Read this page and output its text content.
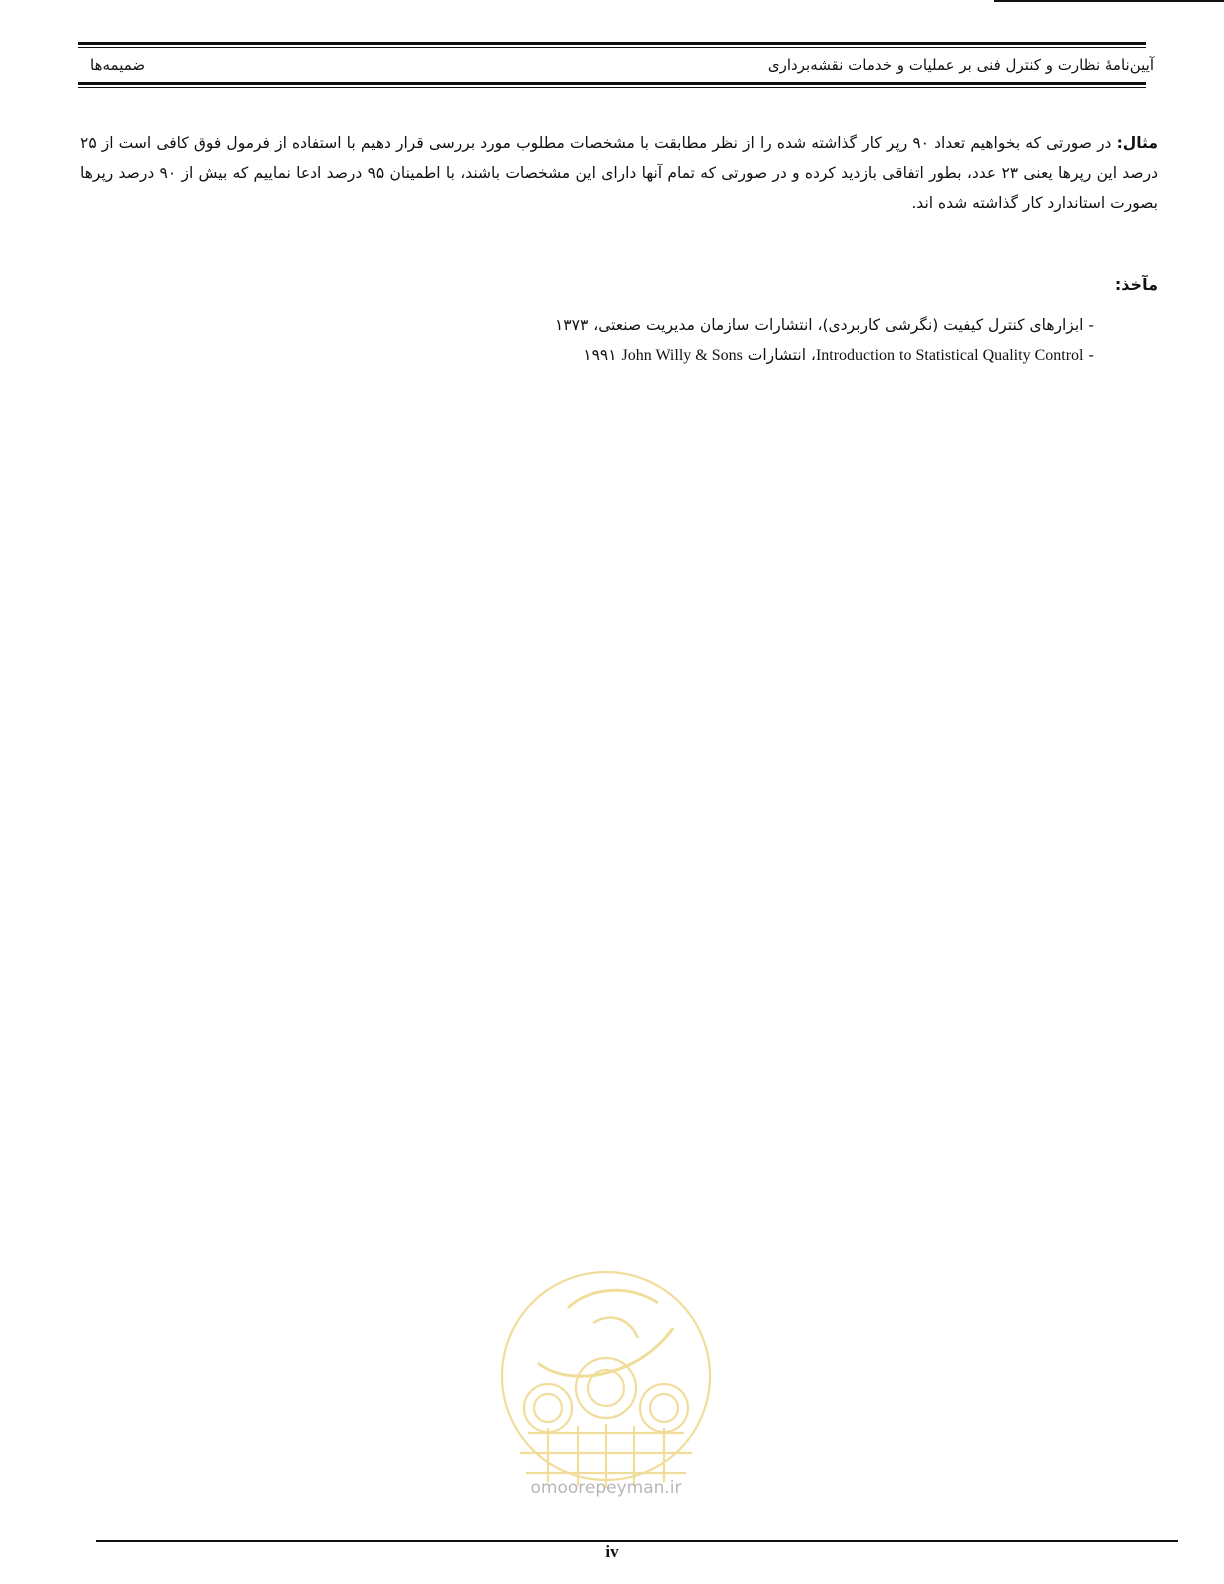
آیین‌نامهٔ نظارت و کنترل فنی بر عملیات و خدمات نقشه‌برداری
ضمیمه‌ها

مثال: در صورتی که بخواهیم تعداد ۹۰ رپر کار گذاشته شده را از نظر مطابقت با مشخصات مطلوب مورد بررسی قرار دهیم با استفاده از فرمول فوق کافی است از ۲۵ درصد این رپرها یعنی ۲۳ عدد، بطور اتفاقی بازدید کرده و در صورتی که تمام آنها دارای این مشخصات باشند، با اطمینان ۹۵ درصد ادعا نماییم که بیش از ۹۰ درصد رپرها بصورت استاندارد کار گذاشته شده اند.

مآخذ:
- ابزارهای کنترل کیفیت (نگرشی کاربردی)، انتشارات سازمان مدیریت صنعتی، ۱۳۷۳
- Introduction to Statistical Quality Control، انتشارات John Willy & Sons ۱۹۹۱
omoorepeyman.ir
iv
